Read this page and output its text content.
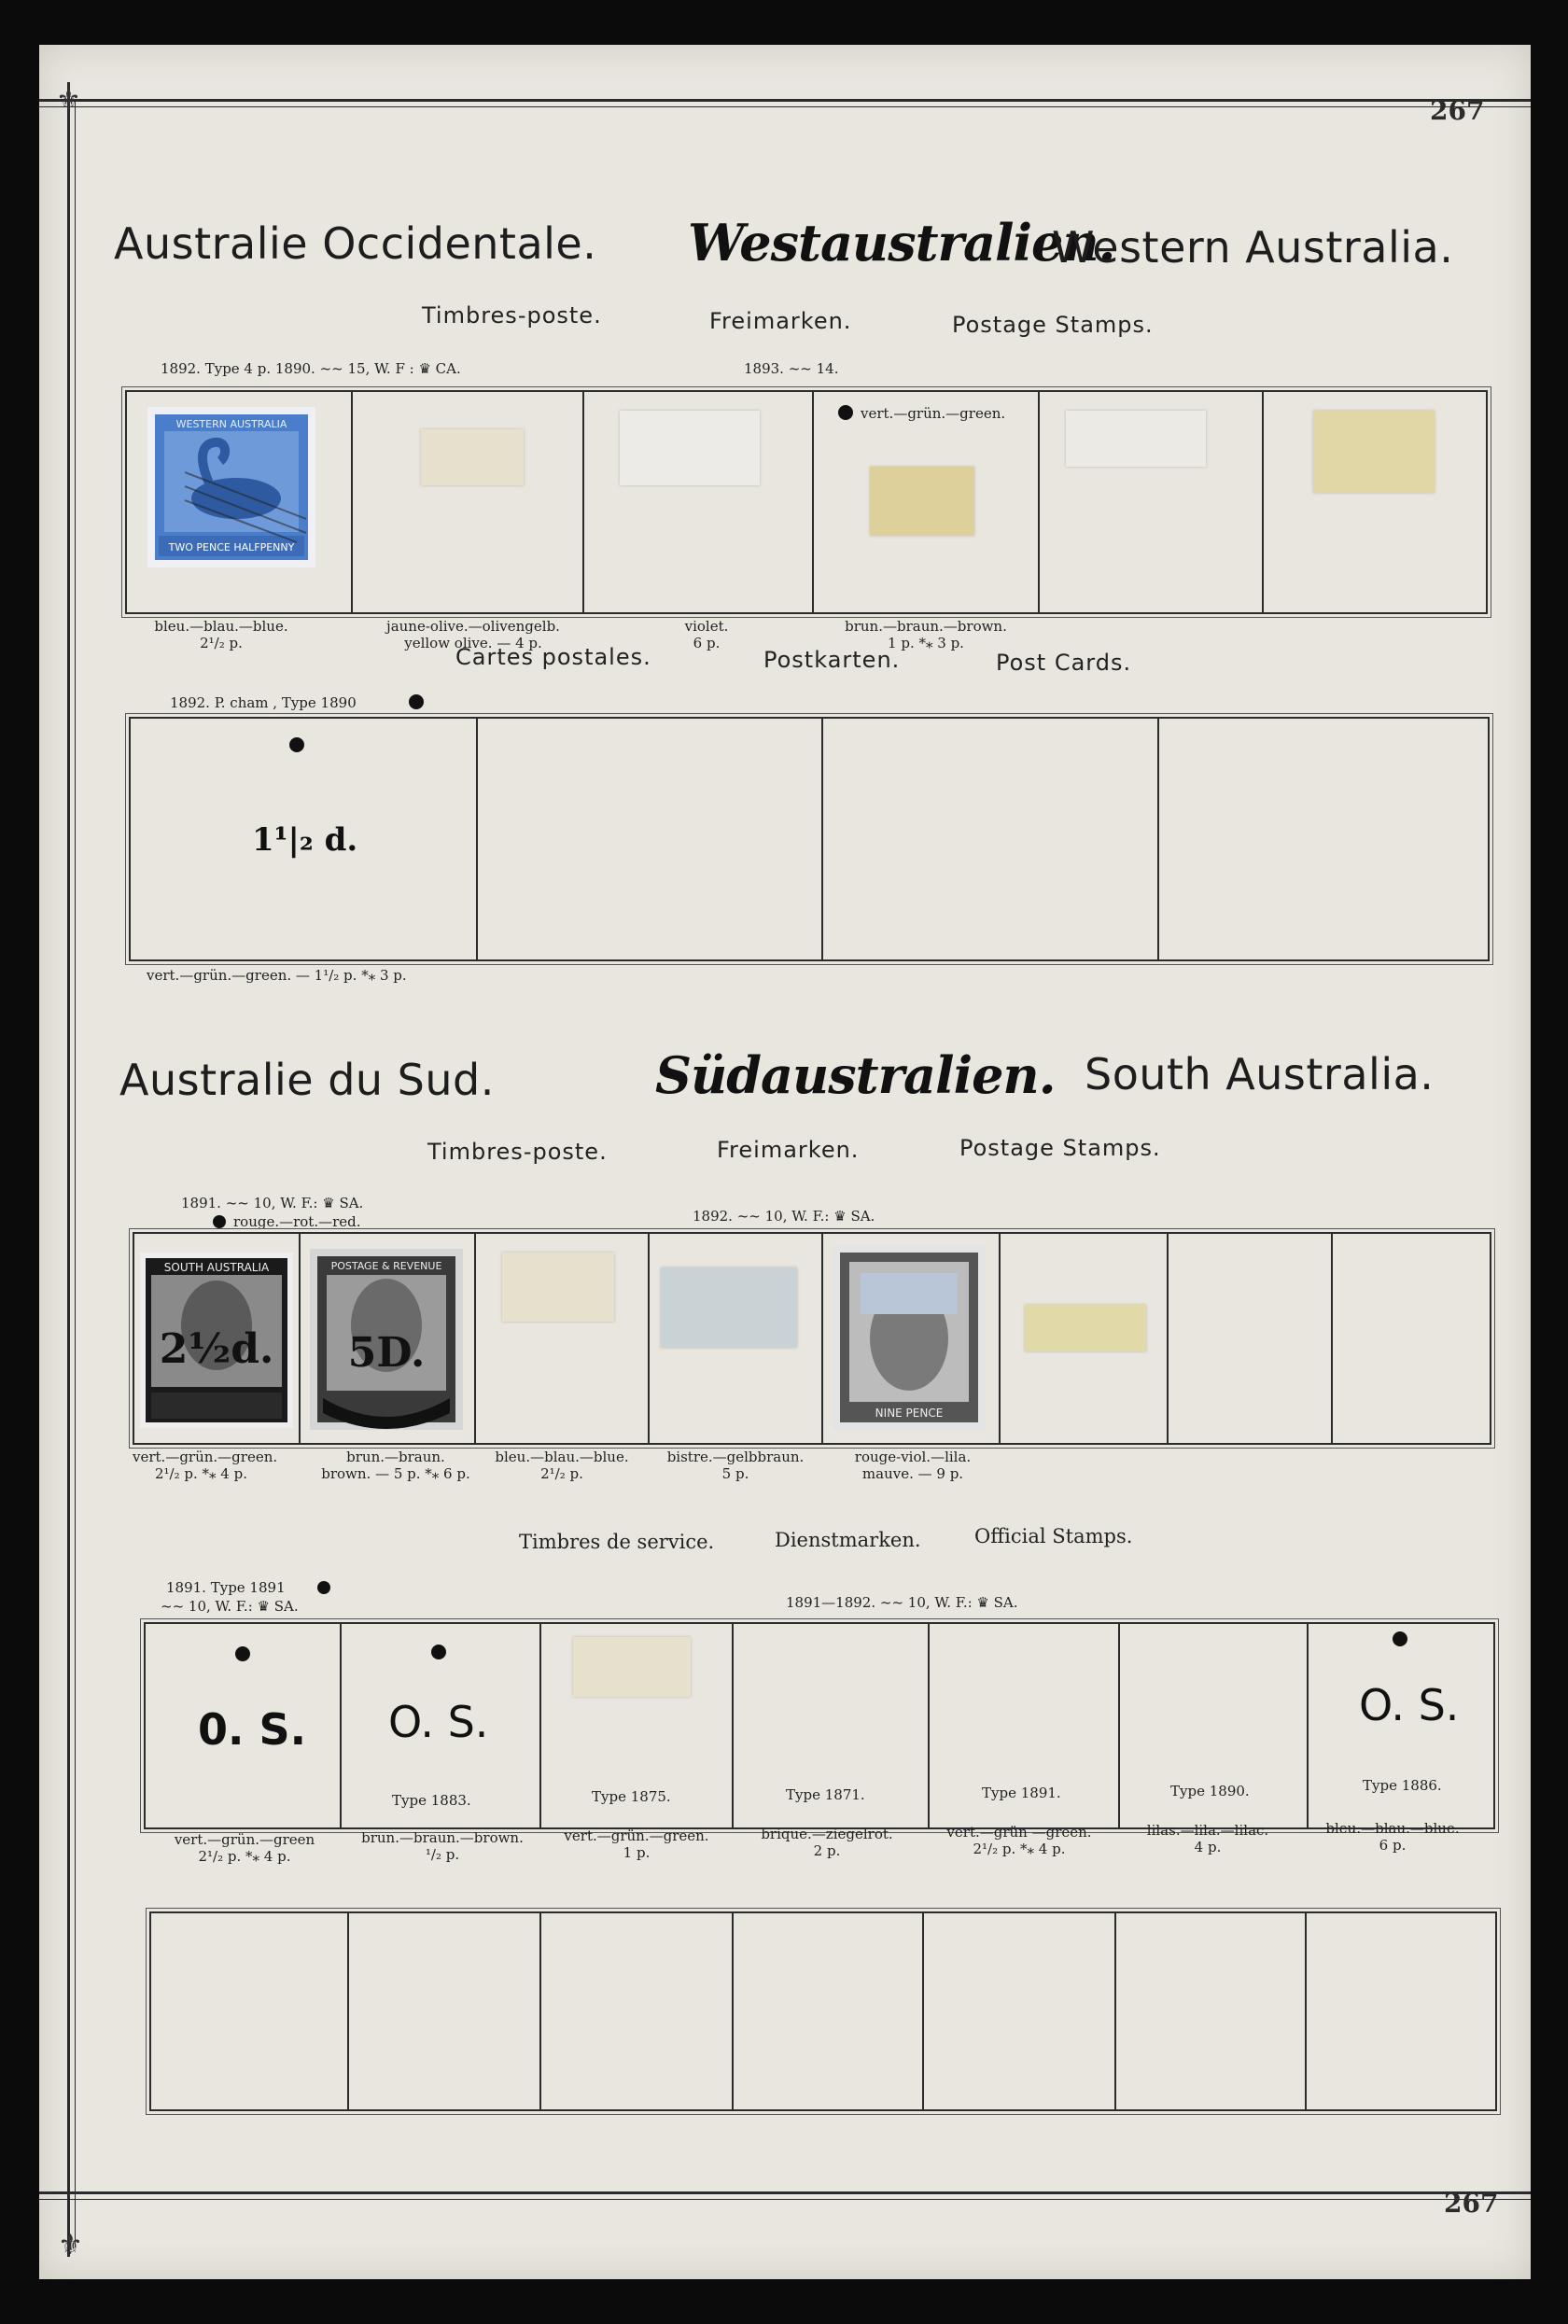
⚜
⚜
267
267
Australie Occidentale. Westaustralien.
Western Australia.
Timbres-poste.	Freimarken.	Postage Stamps.
1892. Type 4 p. 1890. ~~ 15, W. F : ♛ CA.	1893. ~~ 14.
WESTERN AUSTRALIA
TWO PENCE HALFPENNY
vert.—grün.—green.
bleu.—blau.—blue.
2¹/₂ p.
jaune-olive.—olivengelb.
yellow olive. — 4 p.
violet.
6 p.
brun.—braun.—brown.
1 p. *⁎ 3 p.
Cartes postales.	Postkarten.	Post Cards.
1892. P. cham , Type 1890
1¹|₂ d.
vert.—grün.—green. — 1¹/₂ p. *⁎ 3 p.
Australie du Sud.	Südaustralien. South Australia.
Timbres-poste.	Freimarken.	Postage Stamps.
1891. ~~ 10, W. F.: ♛ SA.
rouge.—rot.—red.	1892. ~~ 10, W. F.: ♛ SA.
SOUTH AUSTRALIA
2½d.
POSTAGE & REVENUE
5D.
NINE PENCE
vert.—grün.—green.
2¹/₂ p. *⁎ 4 p.
brun.—braun.
brown. — 5 p. *⁎ 6 p.
bleu.—blau.—blue.
2¹/₂ p.
bistre.—gelbbraun.
5 p.
rouge-viol.—lila.
mauve. — 9 p.
Timbres de service.	Dienstmarken.	Official Stamps.
1891. Type 1891
~~ 10, W. F.: ♛ SA.	1891—1892. ~~ 10, W. F.: ♛ SA.
0. S. O. S.
Type 1883.	Type 1875.	Type 1871.	Type 1891.	Type 1890.
O. S.
Type 1886.
vert.—grün.—green
2¹/₂ p. *⁎ 4 p.
brun.—braun.—brown.
¹/₂ p.
vert.—grün.—green.
1 p.
brique.—ziegelrot.
2 p.
vert.—grün —green.
2¹/₂ p. *⁎ 4 p.
lilas.—lila.—lilac.
4 p.
bleu.—blau.—blue.
6 p.
